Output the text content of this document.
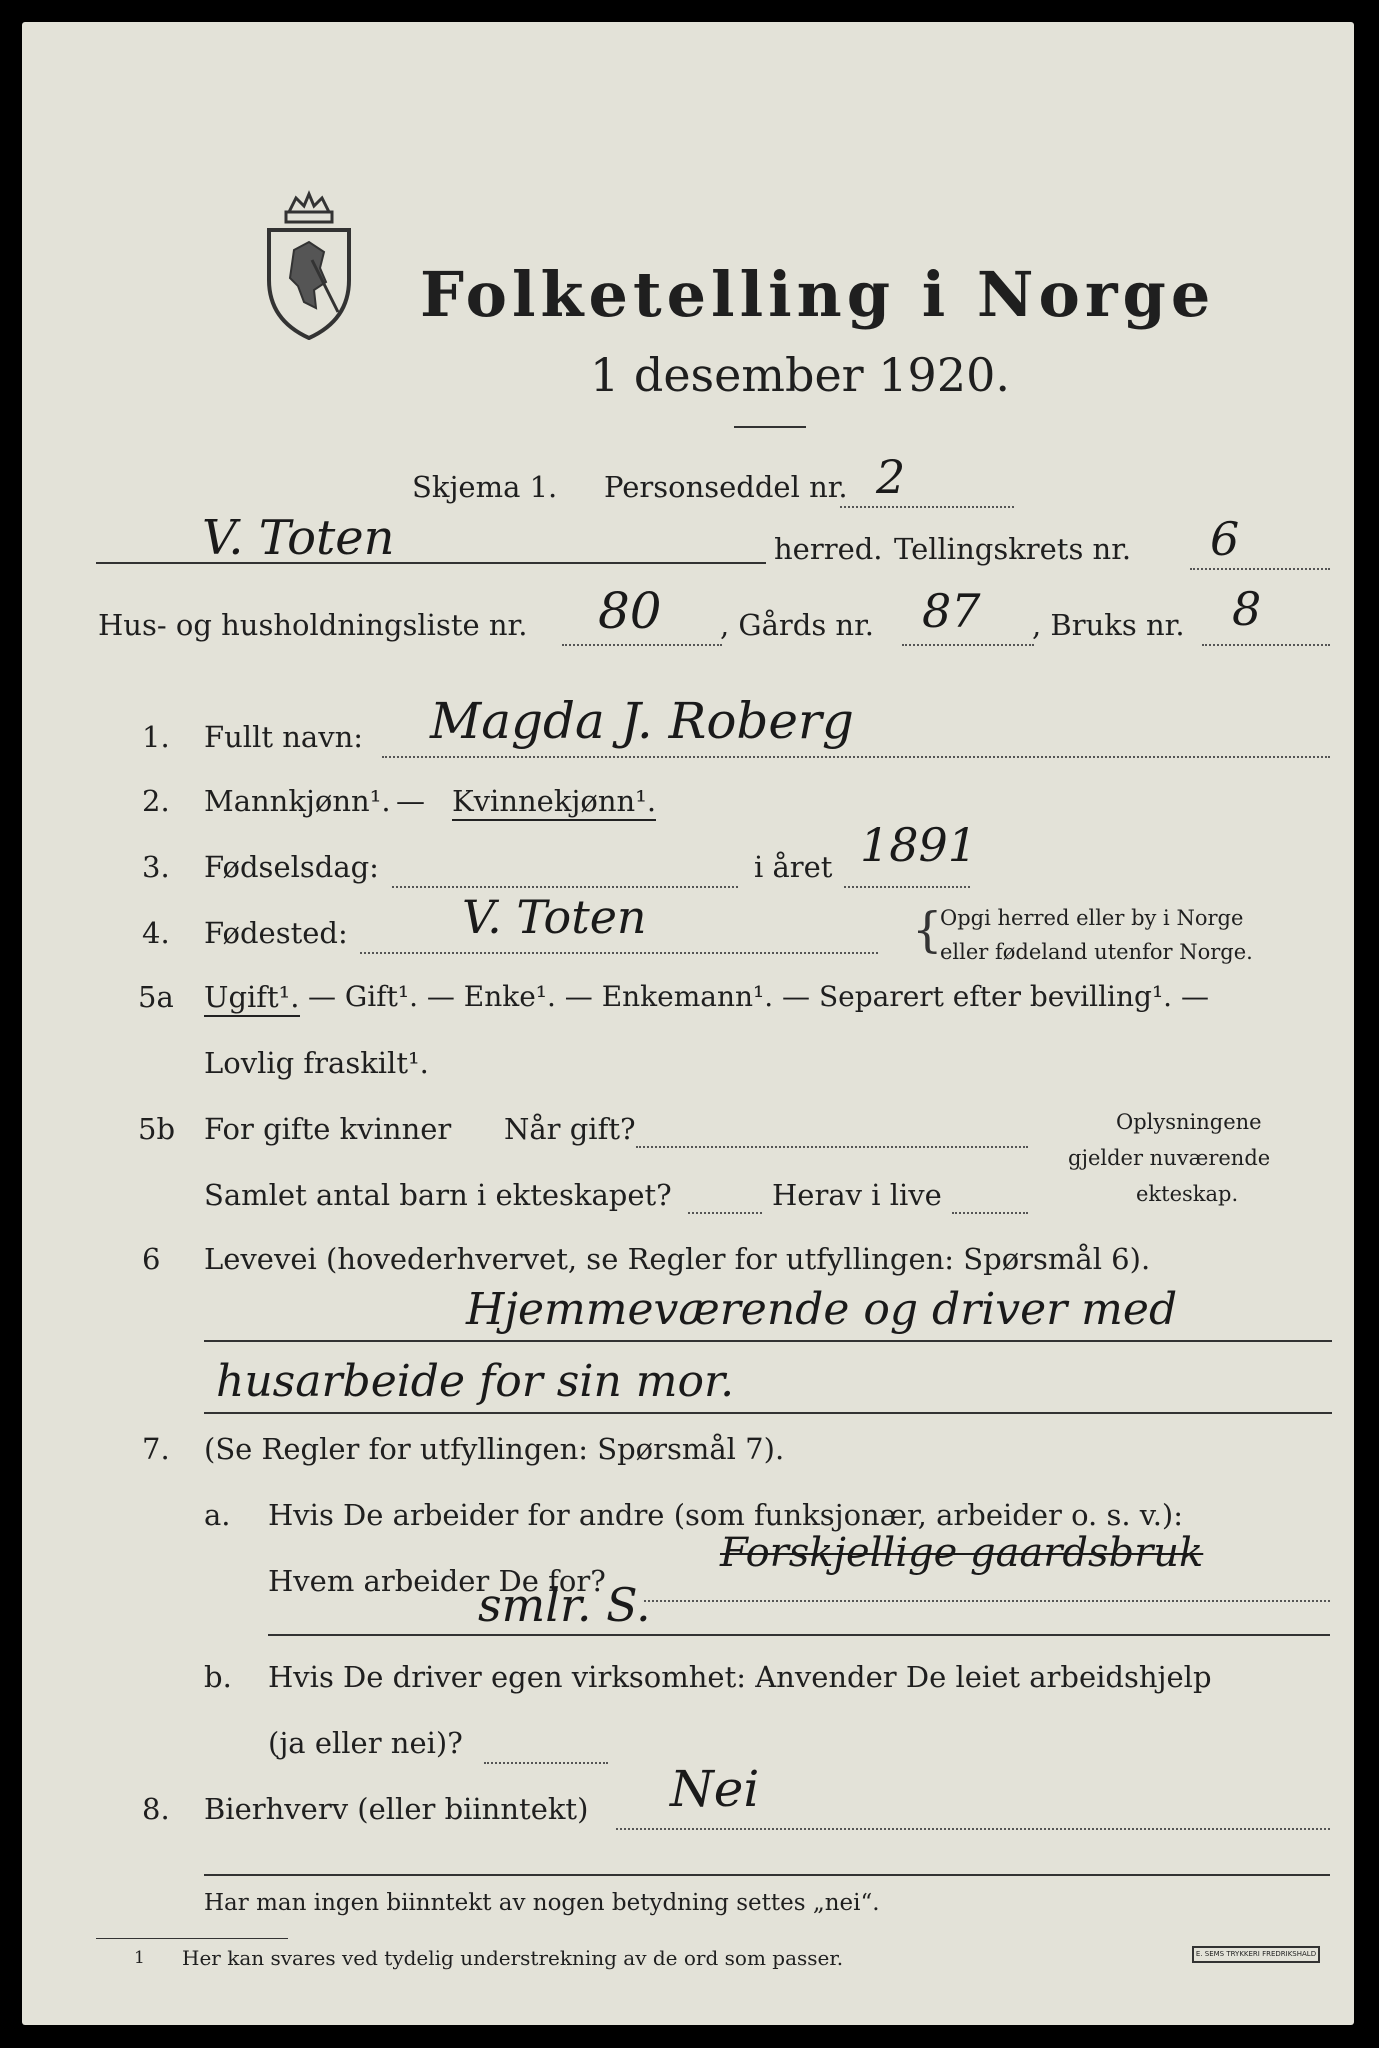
Folketelling i Norge
1 desember 1920.
Skjema 1. Personseddel nr. 2
V. Toten	herred. Tellingskrets nr. 6
Hus- og husholdningsliste nr. 80 , Gårds nr. 87 , Bruks nr. 8
1. Fullt navn: Magda J. Roberg
2. Mannkjønn¹. — Kvinnekjønn¹.
3. Fødselsdag:	i året 1891
4. Fødested: V. Toten	{
Opgi herred eller by i Norge
eller fødeland utenfor Norge.
5a Ugift¹. — Gift¹. — Enke¹. — Enkemann¹. — Separert efter bevilling¹. —
Lovlig fraskilt¹.
5b For gifte kvinner Når gift?
Samlet antal barn i ekteskapet?	Herav i live
Oplysningene
gjelder nuværende
ekteskap.
6 Levevei (hovederhvervet, se Regler for utfyllingen: Spørsmål 6).
Hjemmeværende og driver med
husarbeide for sin mor.
7. (Se Regler for utfyllingen: Spørsmål 7).
a. Hvis De arbeider for andre (som funksjonær, arbeider o. s. v.):
Hvem arbeider De for?
Forskjellige gaardsbruk
smlr. S.
b. Hvis De driver egen virksomhet: Anvender De leiet arbeidshjelp
(ja eller nei)?
8. Bierhverv (eller biinntekt) Nei
Har man ingen biinntekt av nogen betydning settes „nei“.
1 Her kan svares ved tydelig understrekning av de ord som passer.	E. SEMS TRYKKERI FREDRIKSHALD
